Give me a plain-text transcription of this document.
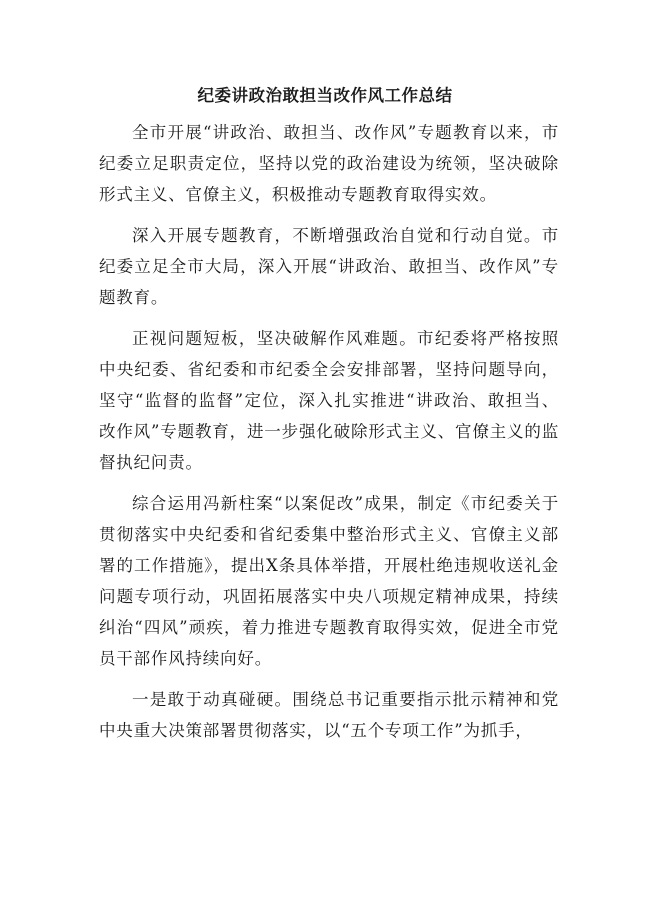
纪委讲政治敢担当改作风工作总结

全市开展“讲政治、敢担当、改作风”专题教育以来，市纪委立足职责定位，坚持以党的政治建设为统领，坚决破除形式主义、官僚主义，积极推动专题教育取得实效。

深入开展专题教育，不断增强政治自觉和行动自觉。市纪委立足全市大局，深入开展“讲政治、敢担当、改作风”专题教育。

正视问题短板，坚决破解作风难题。市纪委将严格按照中央纪委、省纪委和市纪委全会安排部署，坚持问题导向，坚守“监督的监督”定位，深入扎实推进“讲政治、敢担当、改作风”专题教育，进一步强化破除形式主义、官僚主义的监督执纪问责。

综合运用冯新柱案“以案促改”成果，制定《市纪委关于贯彻落实中央纪委和省纪委集中整治形式主义、官僚主义部署的工作措施》，提出X条具体举措，开展杜绝违规收送礼金问题专项行动，巩固拓展落实中央八项规定精神成果，持续纠治“四风”顽疾，着力推进专题教育取得实效，促进全市党员干部作风持续向好。

一是敢于动真碰硬。围绕总书记重要指示批示精神和党中央重大决策部署贯彻落实，以“五个专项工作”为抓手，
